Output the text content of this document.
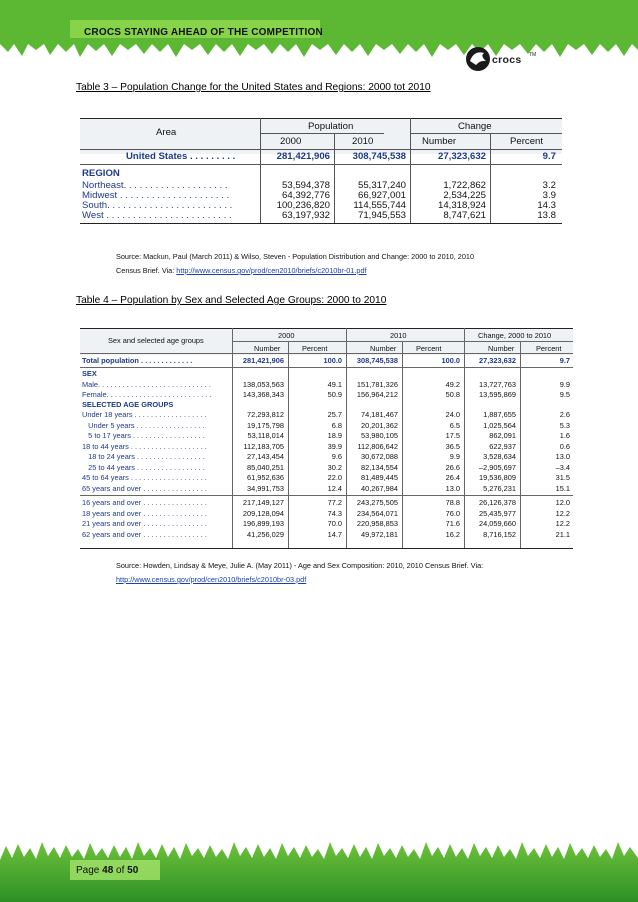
CROCS STAYING AHEAD OF THE COMPETITION
crocs TM
Table 3 – Population Change for the United States and Regions: 2000 tot 2010
Area
Population	Change
2000	2010	Number	Percent
United States . . . . . . . . .	281,421,906	308,745,538	27,323,632	9.7
REGION
Northeast. . . . . . . . . . . . . . . . . . . .	53,594,378	55,317,240	1,722,862	3.2
Midwest . . . . . . . . . . . . . . . . . . . . .	64,392,776	66,927,001	2,534,225	3.9
South. . . . . . . . . . . . . . . . . . . . . . . .	100,236,820	114,555,744	14,318,924	14.3
West . . . . . . . . . . . . . . . . . . . . . . . .	63,197,932	71,945,553	8,747,621	13.8
Source: Mackun, Paul (March 2011) & Wilso, Steven - Population Distribution and Change: 2000 to 2010, 2010
Census Brief. Via: http://www.census.gov/prod/cen2010/briefs/c2010br-01.pdf
Table 4 – Population by Sex and Selected Age Groups: 2000 to 2010
Sex and selected age groups
2000	2010	Change, 2000 to 2010
Number	Percent	Number	Percent	Number	Percent
Total population . . . . . . . . . . . . .	281,421,906	100.0	308,745,538	100.0	27,323,632	9.7
SEX
Male. . . . . . . . . . . . . . . . . . . . . . . . . . . .	138,053,563	49.1	151,781,326	49.2	13,727,763	9.9
Female. . . . . . . . . . . . . . . . . . . . . . . . . .	143,368,343	50.9	156,964,212	50.8	13,595,869	9.5
SELECTED AGE GROUPS
Under 18 years . . . . . . . . . . . . . . . . . .	72,293,812	25.7	74,181,467	24.0	1,887,655	2.6
Under 5 years . . . . . . . . . . . . . . . . .	19,175,798	6.8	20,201,362	6.5	1,025,564	5.3
5 to 17 years . . . . . . . . . . . . . . . . . .	53,118,014	18.9	53,980,105	17.5	862,091	1.6
18 to 44 years . . . . . . . . . . . . . . . . . . .	112,183,705	39.9	112,806,642	36.5	622,937	0.6
18 to 24 years . . . . . . . . . . . . . . . . .	27,143,454	9.6	30,672,088	9.9	3,528,634	13.0
25 to 44 years . . . . . . . . . . . . . . . . .	85,040,251	30.2	82,134,554	26.6	–2,905,697	–3.4
45 to 64 years . . . . . . . . . . . . . . . . . . .	61,952,636	22.0	81,489,445	26.4	19,536,809	31.5
65 years and over . . . . . . . . . . . . . . . .	34,991,753	12.4	40,267,984	13.0	5,276,231	15.1
16 years and over . . . . . . . . . . . . . . . .	217,149,127	77.2	243,275,505	78.8	26,126,378	12.0
18 years and over . . . . . . . . . . . . . . . .	209,128,094	74.3	234,564,071	76.0	25,435,977	12.2
21 years and over . . . . . . . . . . . . . . . .	196,899,193	70.0	220,958,853	71.6	24,059,660	12.2
62 years and over . . . . . . . . . . . . . . . .	41,256,029	14.7	49,972,181	16.2	8,716,152	21.1
Source: Howden, Lindsay & Meye, Julie A. (May 2011) - Age and Sex Composition: 2010, 2010 Census Brief. Via:
http://www.census.gov/prod/cen2010/briefs/c2010br-03.pdf
Page 48 of 50
